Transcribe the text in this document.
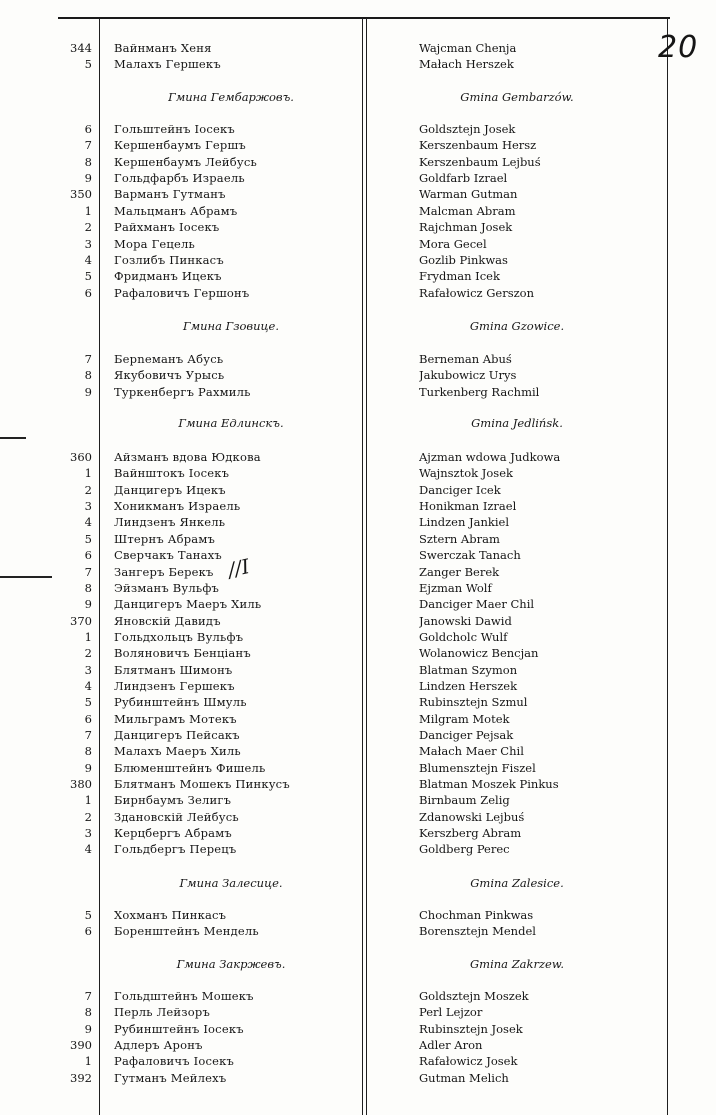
20
344 Вайнманъ Хеня	Wajcman Chenja
5 Малахъ Гершекъ	Małach Herszek
Гмина Гембаржовъ.	Gmina Gembarzów.
6 Гольштейнъ Іосекъ	Goldsztejn Josek
7 Кершенбаумъ Гершъ	Kerszenbaum Hersz
8 Кершенбаумъ Лейбусь	Kerszenbaum Lejbuś
9 Гольдфарбъ Израель	Goldfarb Izrael
350 Варманъ Гутманъ	Warman Gutman
1 Мальцманъ Абрамъ	Malcman Abram
2 Райхманъ Іосекъ	Rajchman Josek
3 Мора Гецель	Mora Gecel
4 Гозлибъ Пинкасъ	Gozlib Pinkwas
5 Фридманъ Ицекъ	Frydman Icek
6 Рафаловичъ Гершонъ	Rafałowicz Gerszon
Гмина Гзовице.	Gmina Gzowice.
7 Берneманъ Абусь	Berneman Abuś
8 Якубовичъ Урысь	Jakubowicz Urys
9 Туркенбергъ Рахмиль	Turkenberg Rachmil
Гмина Едлинскъ.	Gmina Jedlińsk.
360 Айзманъ вдова Юдкова	Ajzman wdowa Judkowa
1 Вайнштокъ Іосекъ	Wajnsztok Josek
2 Данцигеръ Ицекъ	Danciger Icek
3 Хоникманъ Израель	Honikman Izrael
4 Линдзенъ Янкель	Lindzen Jankiel
5 Штернъ Абрамъ	Sztern Abram
6 Сверчакъ Танахъ	Swerczak Tanach
7 Зангеръ Берекъ	Zanger Berek
8 Эйзманъ Вульфъ	Ejzman Wolf
9 Данцигеръ Маеръ Хиль	Danciger Maer Chil
370 Яновскій Давидъ	Janowski Dawid
1 Гольдхольцъ Вульфъ	Goldcholc Wulf
2 Воляновичъ Бенціанъ	Wolanowicz Bencjan
3 Блятманъ Шимонъ	Blatman Szymon
4 Линдзенъ Гершекъ	Lindzen Herszek
5 Рубинштейнъ Шмуль	Rubinsztejn Szmul
6 Мильграмъ Мотекъ	Milgram Motek
7 Данцигеръ Пейсакъ	Danciger Pejsak
8 Малахъ Маеръ Хиль	Małach Maer Chil
9 Блюменштейнъ Фишель	Blumensztejn Fiszel
380 Блятманъ Мошекъ Пинкусъ	Blatman Moszek Pinkus
1 Бирнбаумъ Зелигъ	Birnbaum Zelig
2 Здановскій Лейбусь	Zdanowski Lejbuś
3 Керцбергъ Абрамъ	Kerszberg Abram
4 Гольдбергъ Перецъ	Goldberg Perec
Гмина Залесице.	Gmina Zalesice.
5 Хохманъ Пинкасъ	Chochman Pinkwas
6 Боренштейнъ Мендель	Borensztejn Mendel
Гмина Закржевъ.	Gmina Zakrzew.
7 Гольдштейнъ Мошекъ	Goldsztejn Moszek
8 Перль Лейзоръ	Perl Lejzor
9 Рубинштейнъ Іосекъ	Rubinsztejn Josek
390 Адлеръ Аронъ	Adler Aron
1 Рафаловичъ Іосекъ	Rafałowicz Josek
392 Гутманъ Мейлехъ	Gutman Melich
//I
